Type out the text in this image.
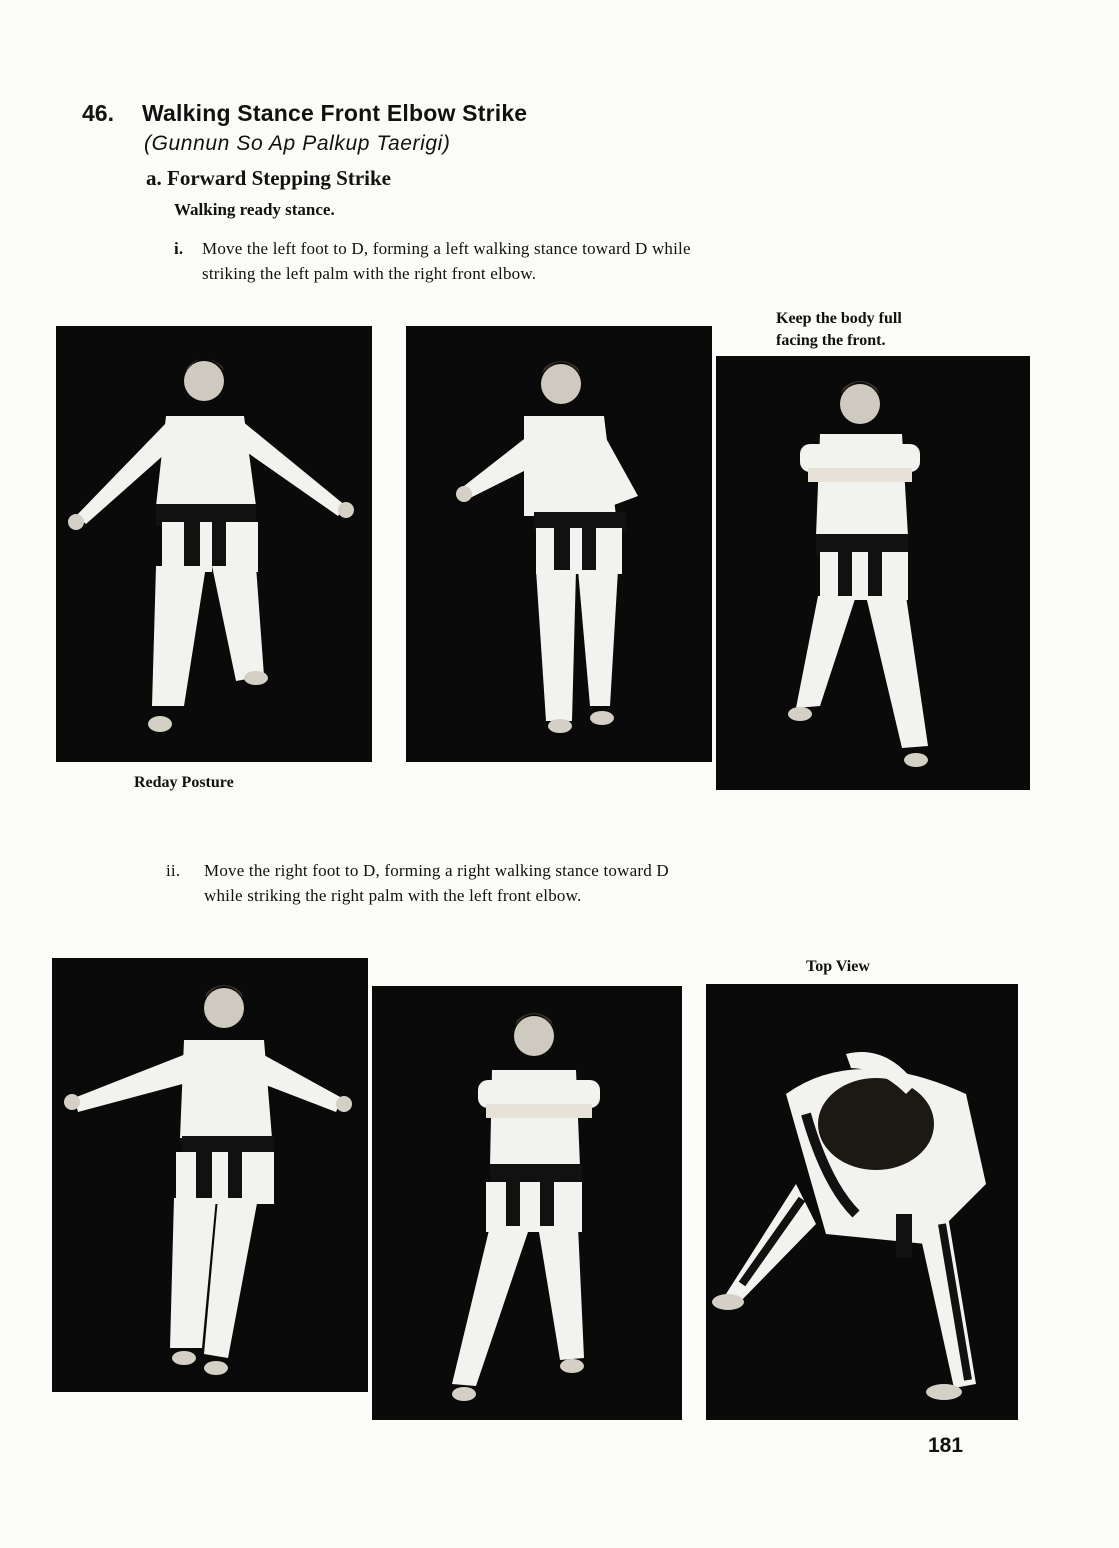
46. Walking Stance Front Elbow Strike
(Gunnun So Ap Palkup Taerigi)
a. Forward Stepping Strike
Walking ready stance.
i. Move the left foot to D, forming a left walking stance toward D while
striking the left palm with the right front elbow.
Reday Posture
Keep the body full
facing the front.
ii. Move the right foot to D, forming a right walking stance toward D
while striking the right palm with the left front elbow.
Top View
181
